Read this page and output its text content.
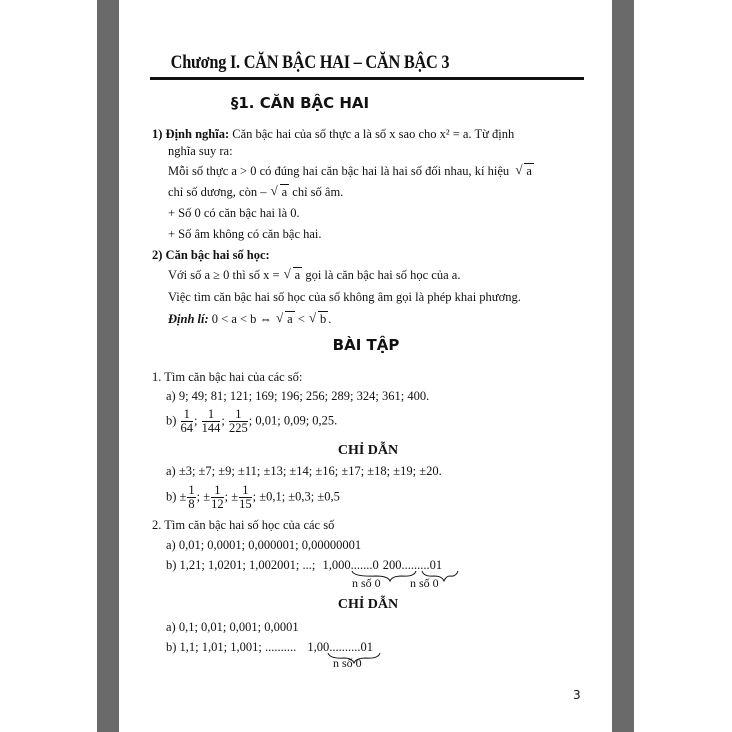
Chương I. CĂN BẬC HAI – CĂN BẬC 3
§1. CĂN BẬC HAI
1) Định nghĩa: Căn bậc hai của số thực a là số x sao cho x² = a. Từ định
nghĩa suy ra:
Mỗi số thực a > 0 có đúng hai căn bậc hai là hai số đối nhau, kí hiệu √ a
chỉ số dương, còn – √ a chỉ số âm.
+ Số 0 có căn bậc hai là 0.
+ Số âm không có căn bậc hai.
2) Căn bậc hai số học:
Với số a ≥ 0 thì số x = √ a gọi là căn bậc hai số học của a.
Việc tìm căn bậc hai số học của số không âm gọi là phép khai phương.
Định lí: 0 < a < b ⇔ √ a < √ b .
BÀI TẬP
1. Tìm căn bậc hai của các số:
a) 9; 49; 81; 121; 169; 196; 256; 289; 324; 361; 400.
$b) \frac{1}{64}$ ; $\frac{1}{144}$ ; $\frac{1}{225}$ ; 0,01; 0,09; 0,25.
CHỈ DẪN
a) ±3; ±7; ±9; ±11; ±13; ±14; ±16; ±17; ±18; ±19; ±20.
$b) \pm \frac{1}{8}$ ; ± $\frac{1}{12}$ ; ± $\frac{1}{15}$ ; ±0,1; ±0,3; ±0,5
2. Tìm căn bậc hai số học của các số
a) 0,01; 0,0001; 0,000001; 0,00000001
b) 1,21; 1,0201; 1,002001; ...; 1,000.......0 200.........01
n số 0 n số 0
CHỈ DẪN
a) 0,1; 0,01; 0,001; 0,0001
b) 1,1; 1,01; 1,001; .......... 1,00..........01
n số 0
3
